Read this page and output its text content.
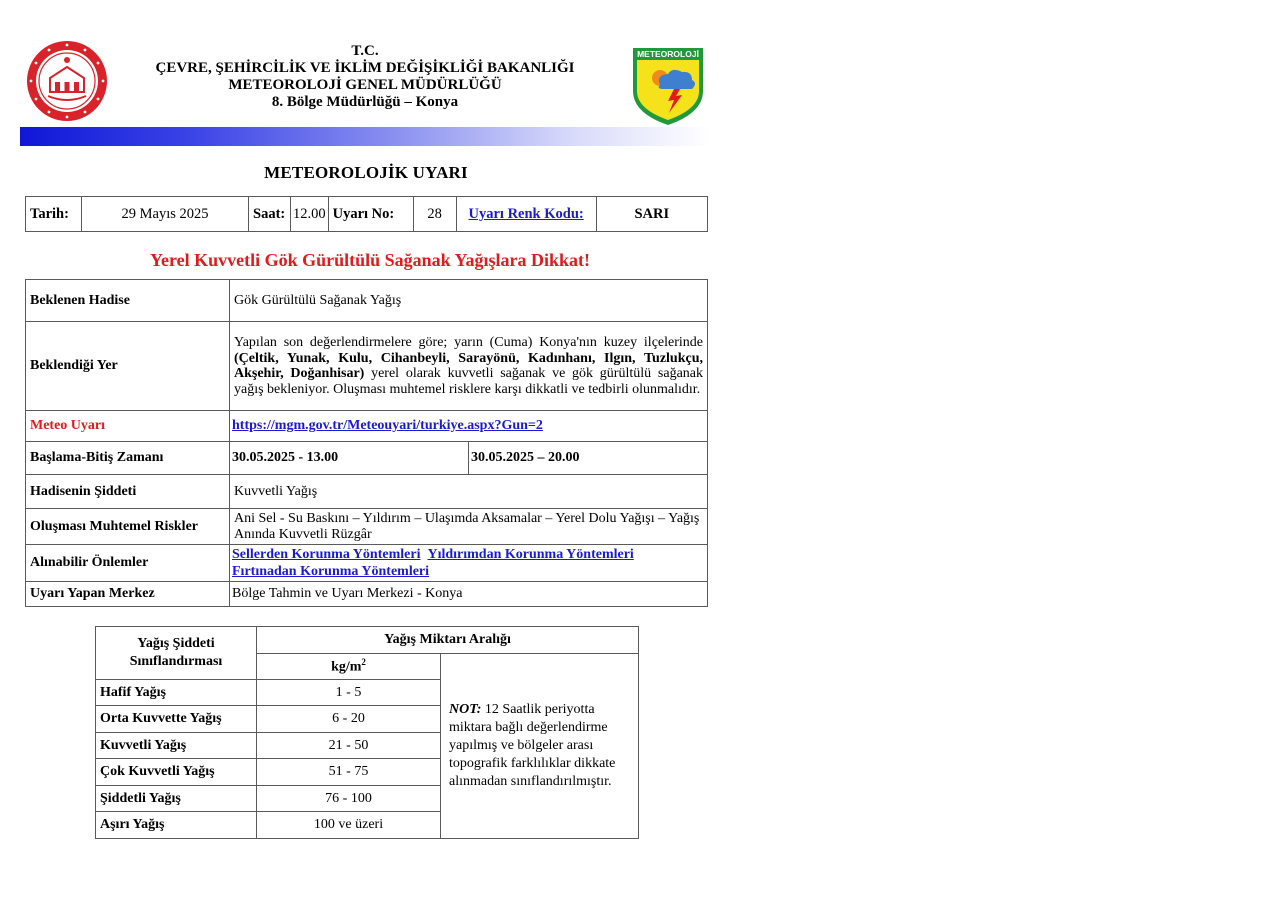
T.C.
ÇEVRE, ŞEHİRCİLİK VE İKLİM DEĞİŞİKLİĞİ BAKANLIĞI
METEOROLOJİ GENEL MÜDÜRLÜĞÜ
8. Bölge Müdürlüğü – Konya
METEOROLOJİ
METEOROLOJİK UYARI
Tarih:	29 Mayıs 2025	Saat:	12.00	Uyarı No:	28	Uyarı Renk Kodu:	SARI
Yerel Kuvvetli Gök Gürültülü Sağanak Yağışlara Dikkat!
Beklenen Hadise	Gök Gürültülü Sağanak Yağış	
Beklendiği Yer	Yapılan son değerlendirmelere göre; yarın (Cuma) Konya'nın kuzey ilçelerinde (Çeltik, Yunak, Kulu, Cihanbeyli, Sarayönü, Kadınhanı, Ilgın, Tuzlukçu, Akşehir, Doğanhisar) yerel olarak kuvvetli sağanak ve gök gürültülü sağanak yağış bekleniyor. Oluşması muhtemel risklere karşı dikkatli ve tedbirli olunmalıdır.	
Meteo Uyarı	https://mgm.gov.tr/Meteouyari/turkiye.aspx?Gun=2	
Başlama-Bitiş Zamanı	30.05.2025 - 13.00	30.05.2025 – 20.00
Hadisenin Şiddeti	Kuvvetli Yağış	
Oluşması Muhtemel Riskler	Ani Sel - Su Baskını – Yıldırım – Ulaşımda Aksamalar – Yerel Dolu Yağışı – Yağış Anında Kuvvetli Rüzgâr	
Alınabilir Önlemler	Sellerden Korunma Yöntemleri Yıldırımdan Korunma Yöntemleri
Fırtınadan Korunma Yöntemleri	
Uyarı Yapan Merkez	Bölge Tahmin ve Uyarı Merkezi - Konya	
Yağış Şiddeti Sınıflandırması	Yağış Miktarı Aralığı	
	$kg/m^2$	NOT: 12 Saatlik periyotta miktara bağlı değerlendirme yapılmış ve bölgeler arası topografik farklılıklar dikkate alınmadan sınıflandırılmıştır.
Hafif Yağış	1 - 5	
Orta Kuvvette Yağış	6 - 20	
Kuvvetli Yağış	21 - 50	
Çok Kuvvetli Yağış	51 - 75	
Şiddetli Yağış	76 - 100	
Aşırı Yağış	100 ve üzeri	
